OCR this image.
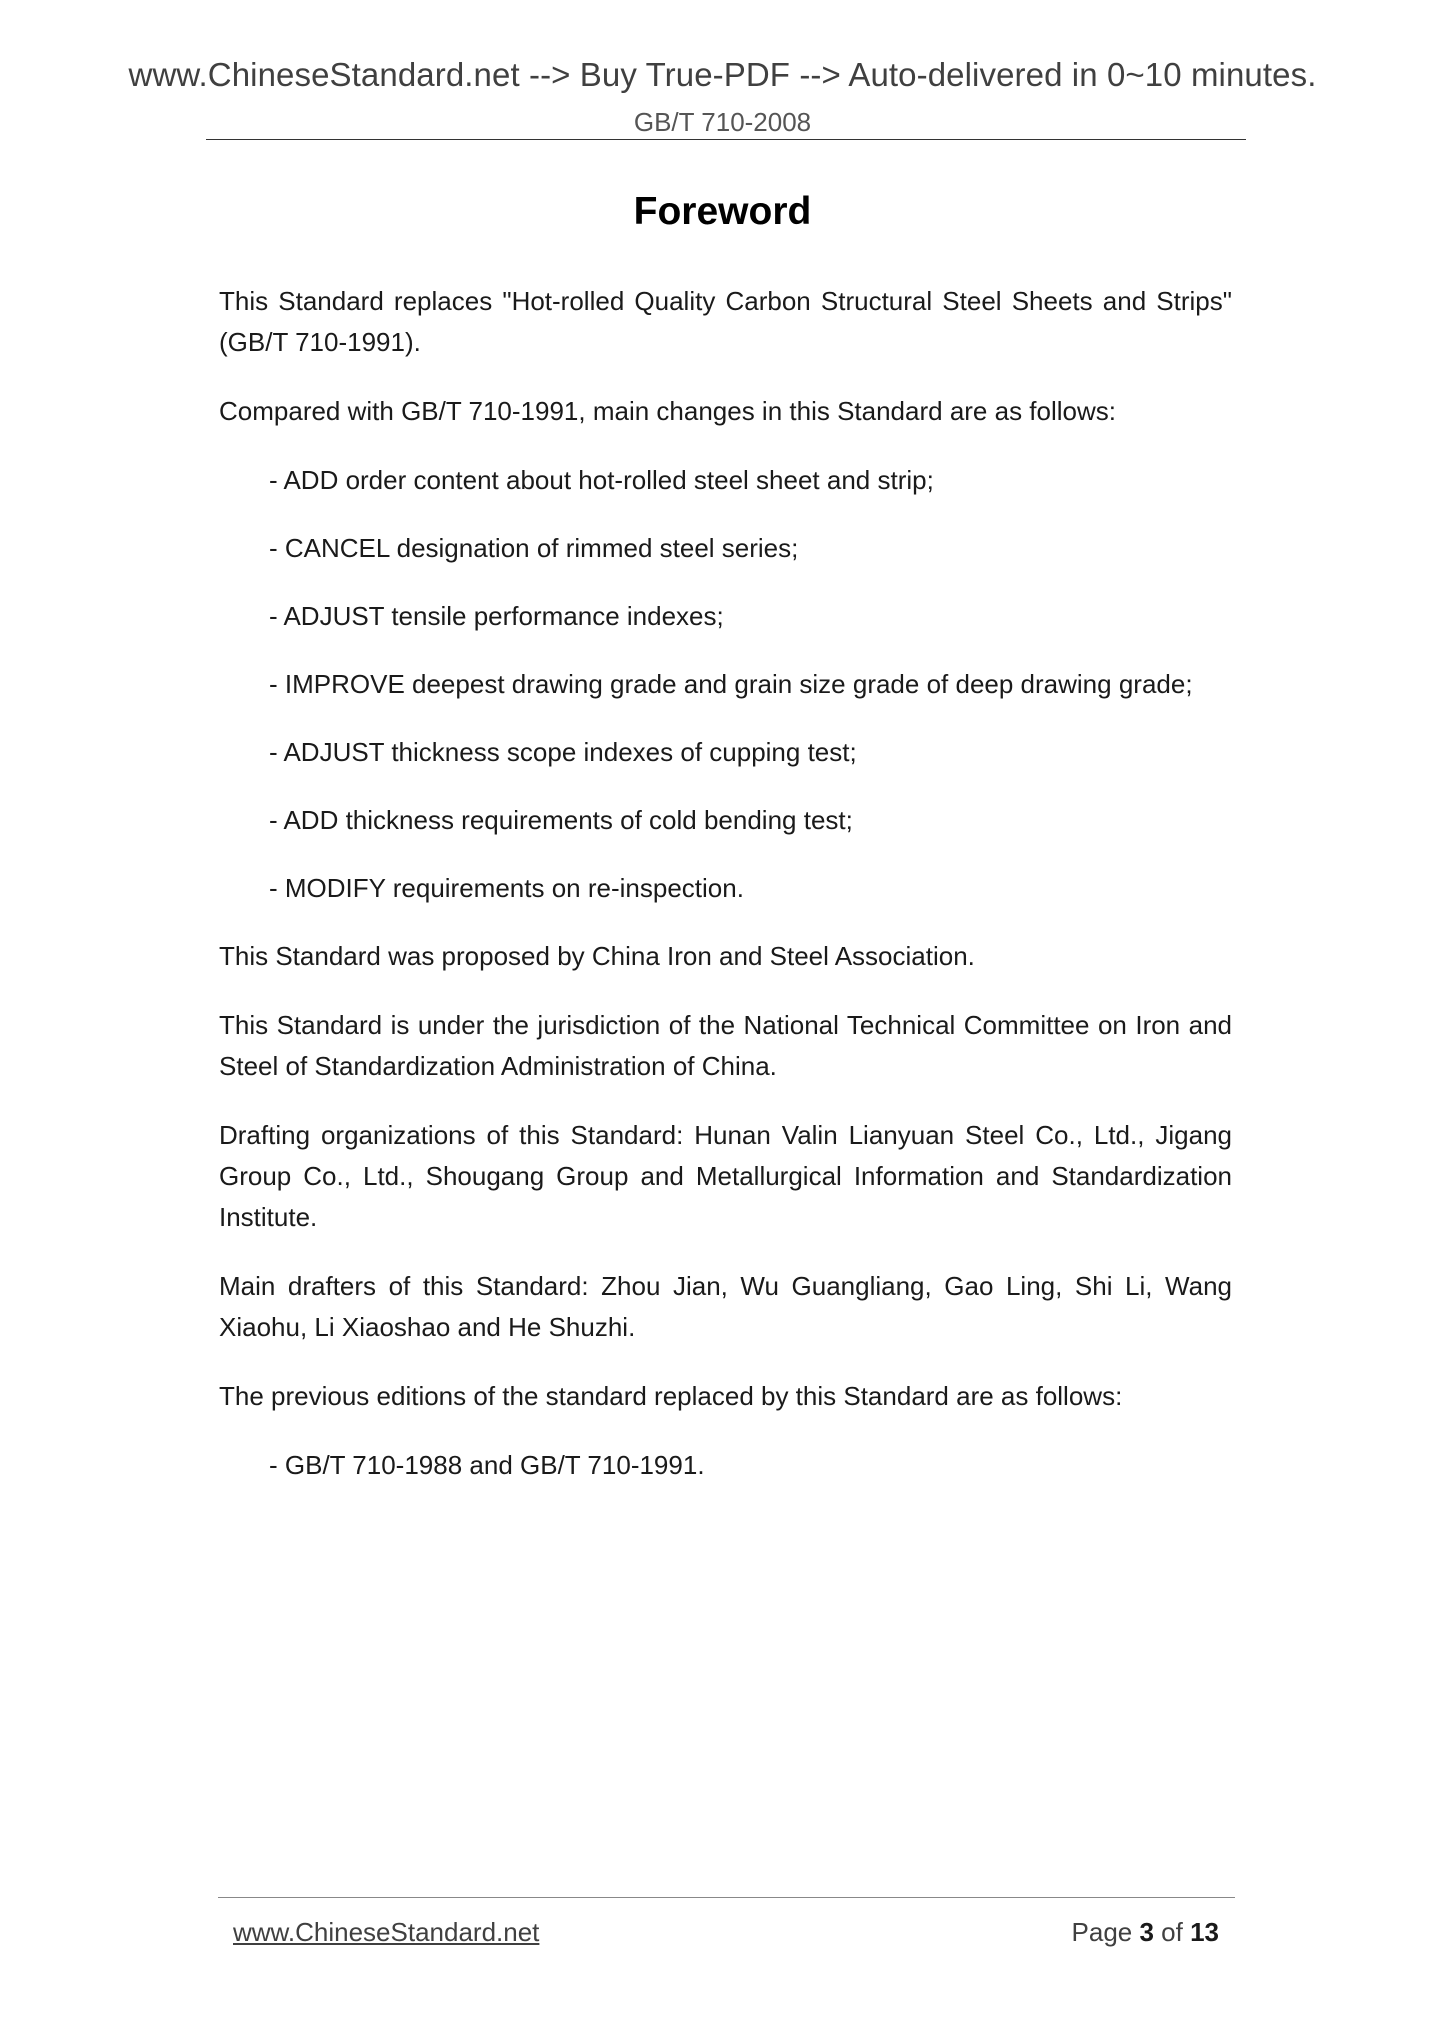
www.ChineseStandard.net --> Buy True-PDF --> Auto-delivered in 0~10 minutes.
GB/T 710-2008
Foreword

This Standard replaces "Hot-rolled Quality Carbon Structural Steel Sheets and Strips" (GB/T 710-1991).

Compared with GB/T 710-1991, main changes in this Standard are as follows:

- ADD order content about hot-rolled steel sheet and strip;
- CANCEL designation of rimmed steel series;
- ADJUST tensile performance indexes;
- IMPROVE deepest drawing grade and grain size grade of deep drawing grade;
- ADJUST thickness scope indexes of cupping test;
- ADD thickness requirements of cold bending test;
- MODIFY requirements on re-inspection.

This Standard was proposed by China Iron and Steel Association.

This Standard is under the jurisdiction of the National Technical Committee on Iron and Steel of Standardization Administration of China.

Drafting organizations of this Standard: Hunan Valin Lianyuan Steel Co., Ltd., Jigang Group Co., Ltd., Shougang Group and Metallurgical Information and Standardization Institute.

Main drafters of this Standard: Zhou Jian, Wu Guangliang, Gao Ling, Shi Li, Wang Xiaohu, Li Xiaoshao and He Shuzhi.

The previous editions of the standard replaced by this Standard are as follows:

- GB/T 710-1988 and GB/T 710-1991.
www.ChineseStandard.net	Page 3 of 13
